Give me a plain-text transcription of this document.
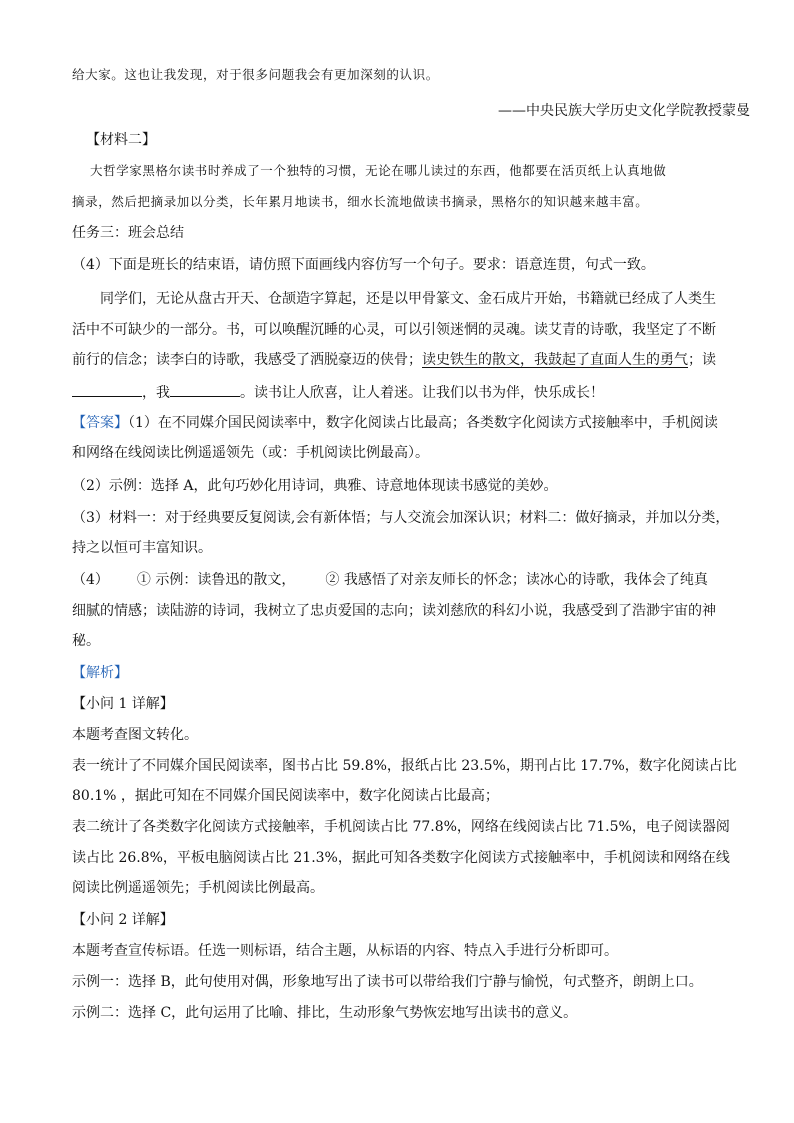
给大家。这也让我发现，对于很多问题我会有更加深刻的认识。
——中央民族大学历史文化学院教授蒙曼
【材料二】
大哲学家黑格尔读书时养成了一个独特的习惯，无论在哪儿读过的东西，他都要在活页纸上认真地做
摘录，然后把摘录加以分类，长年累月地读书，细水长流地做读书摘录，黑格尔的知识越来越丰富。
任务三：班会总结
（4）下面是班长的结束语，请仿照下面画线内容仿写一个句子。要求：语意连贯，句式一致。
同学们，无论从盘古开天、仓颉造字算起，还是以甲骨篆文、金石成片开始，书籍就已经成了人类生
活中不可缺少的一部分。书，可以唤醒沉睡的心灵，可以引领迷惘的灵魂。读艾青的诗歌，我坚定了不断
前行的信念；读李白的诗歌，我感受了洒脱豪迈的侠骨；读史铁生的散文，我鼓起了直面人生的勇气；读
，我	。读书让人欣喜，让人着迷。让我们以书为伴，快乐成长！
【答案】（1）在不同媒介国民阅读率中，数字化阅读占比最高；各类数字化阅读方式接触率中，手机阅读
和网络在线阅读比例遥遥领先（或：手机阅读比例最高）。
（2）示例：选择 A，此句巧妙化用诗词，典雅、诗意地体现读书感觉的美妙。
（3）材料一：对于经典要反复阅读,会有新体悟；与人交流会加深认识；材料二：做好摘录，并加以分类，
持之以恒可丰富知识。
（4） ① 示例：读鲁迅的散文， ② 我感悟了对亲友师长的怀念；读冰心的诗歌，我体会了纯真
细腻的情感；读陆游的诗词，我树立了忠贞爱国的志向；读刘慈欣的科幻小说，我感受到了浩渺宇宙的神
秘。
【解析】
【小问 1 详解】
本题考查图文转化。
表一统计了不同媒介国民阅读率，图书占比 59.8%，报纸占比 23.5%，期刊占比 17.7%，数字化阅读占比
80.1% ，据此可知在不同媒介国民阅读率中，数字化阅读占比最高；
表二统计了各类数字化阅读方式接触率，手机阅读占比 77.8%，网络在线阅读占比 71.5%，电子阅读器阅
读占比 26.8%，平板电脑阅读占比 21.3%，据此可知各类数字化阅读方式接触率中，手机阅读和网络在线
阅读比例遥遥领先；手机阅读比例最高。
【小问 2 详解】
本题考查宣传标语。任选一则标语，结合主题，从标语的内容、特点入手进行分析即可。
示例一：选择 B，此句使用对偶，形象地写出了读书可以带给我们宁静与愉悦，句式整齐，朗朗上口。
示例二：选择 C，此句运用了比喻、排比，生动形象气势恢宏地写出读书的意义。
